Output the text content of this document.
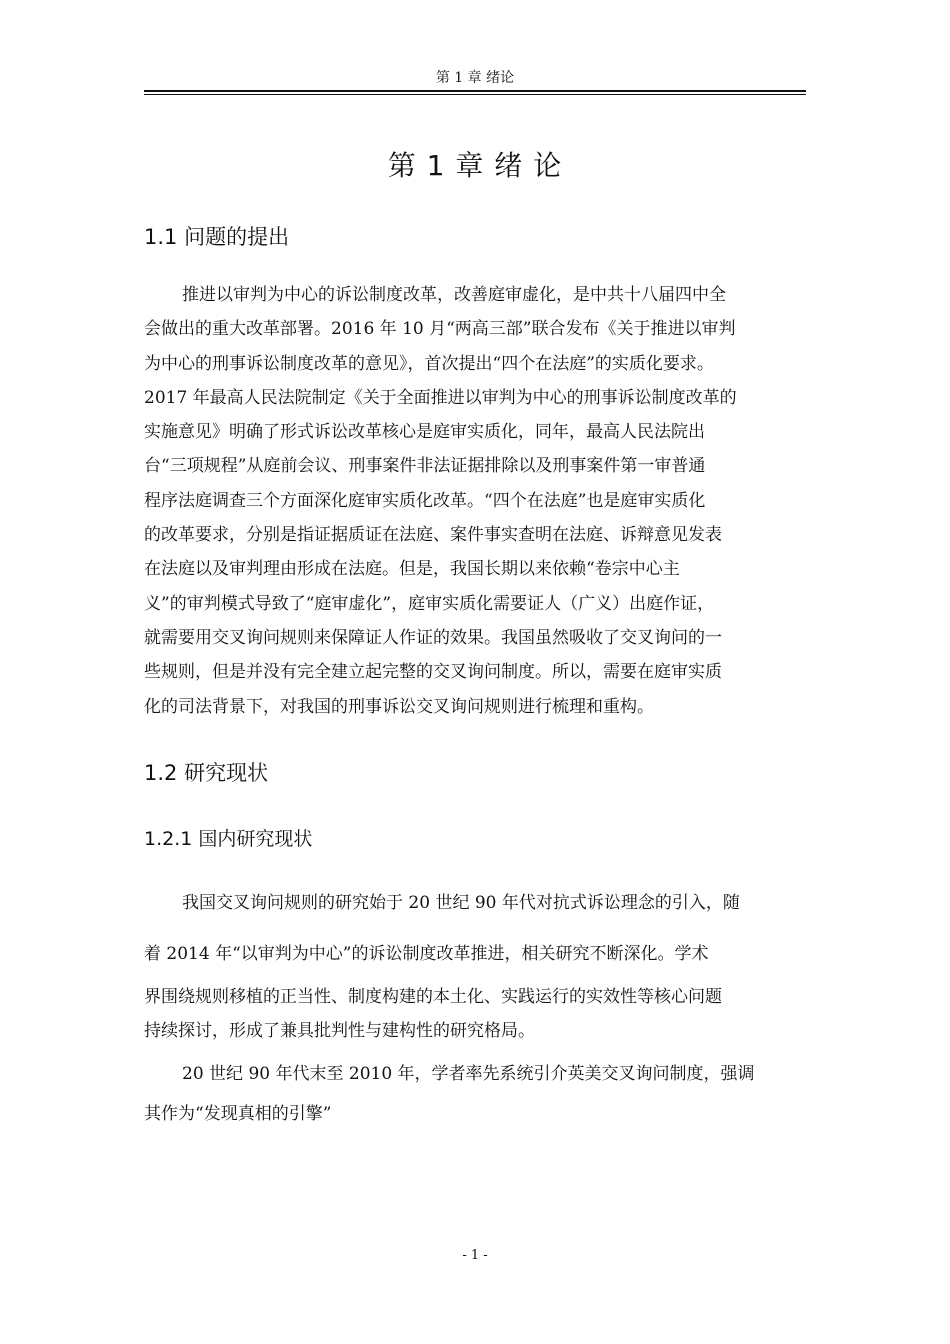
第 1 章 绪论
第 1 章 绪 论
1.1 问题的提出
推进以审判为中心的诉讼制度改革，改善庭审虚化，是中共十八届四中全
会做出的重大改革部署。2016 年 10 月“两高三部”联合发布《关于推进以审判
为中心的刑事诉讼制度改革的意见》，首次提出“四个在法庭”的实质化要求。
2017 年最高人民法院制定《关于全面推进以审判为中心的刑事诉讼制度改革的
实施意见》明确了形式诉讼改革核心是庭审实质化，同年，最高人民法院出
台“三项规程”从庭前会议、刑事案件非法证据排除以及刑事案件第一审普通
程序法庭调查三个方面深化庭审实质化改革。“四个在法庭”也是庭审实质化
的改革要求，分别是指证据质证在法庭、案件事实查明在法庭、诉辩意见发表
在法庭以及审判理由形成在法庭。但是，我国长期以来依赖“卷宗中心主
义”的审判模式导致了“庭审虚化”，庭审实质化需要证人（广义）出庭作证，
就需要用交叉询问规则来保障证人作证的效果。我国虽然吸收了交叉询问的一
些规则，但是并没有完全建立起完整的交叉询问制度。所以，需要在庭审实质
化的司法背景下，对我国的刑事诉讼交叉询问规则进行梳理和重构。
1.2 研究现状
1.2.1 国内研究现状
我国交叉询问规则的研究始于 20 世纪 90 年代对抗式诉讼理念的引入，随
着 2014 年“以审判为中心”的诉讼制度改革推进，相关研究不断深化。学术
界围绕规则移植的正当性、制度构建的本土化、实践运行的实效性等核心问题
持续探讨，形成了兼具批判性与建构性的研究格局。
20 世纪 90 年代末至 2010 年，学者率先系统引介英美交叉询问制度，强调
其作为“发现真相的引擎”
- 1 -
